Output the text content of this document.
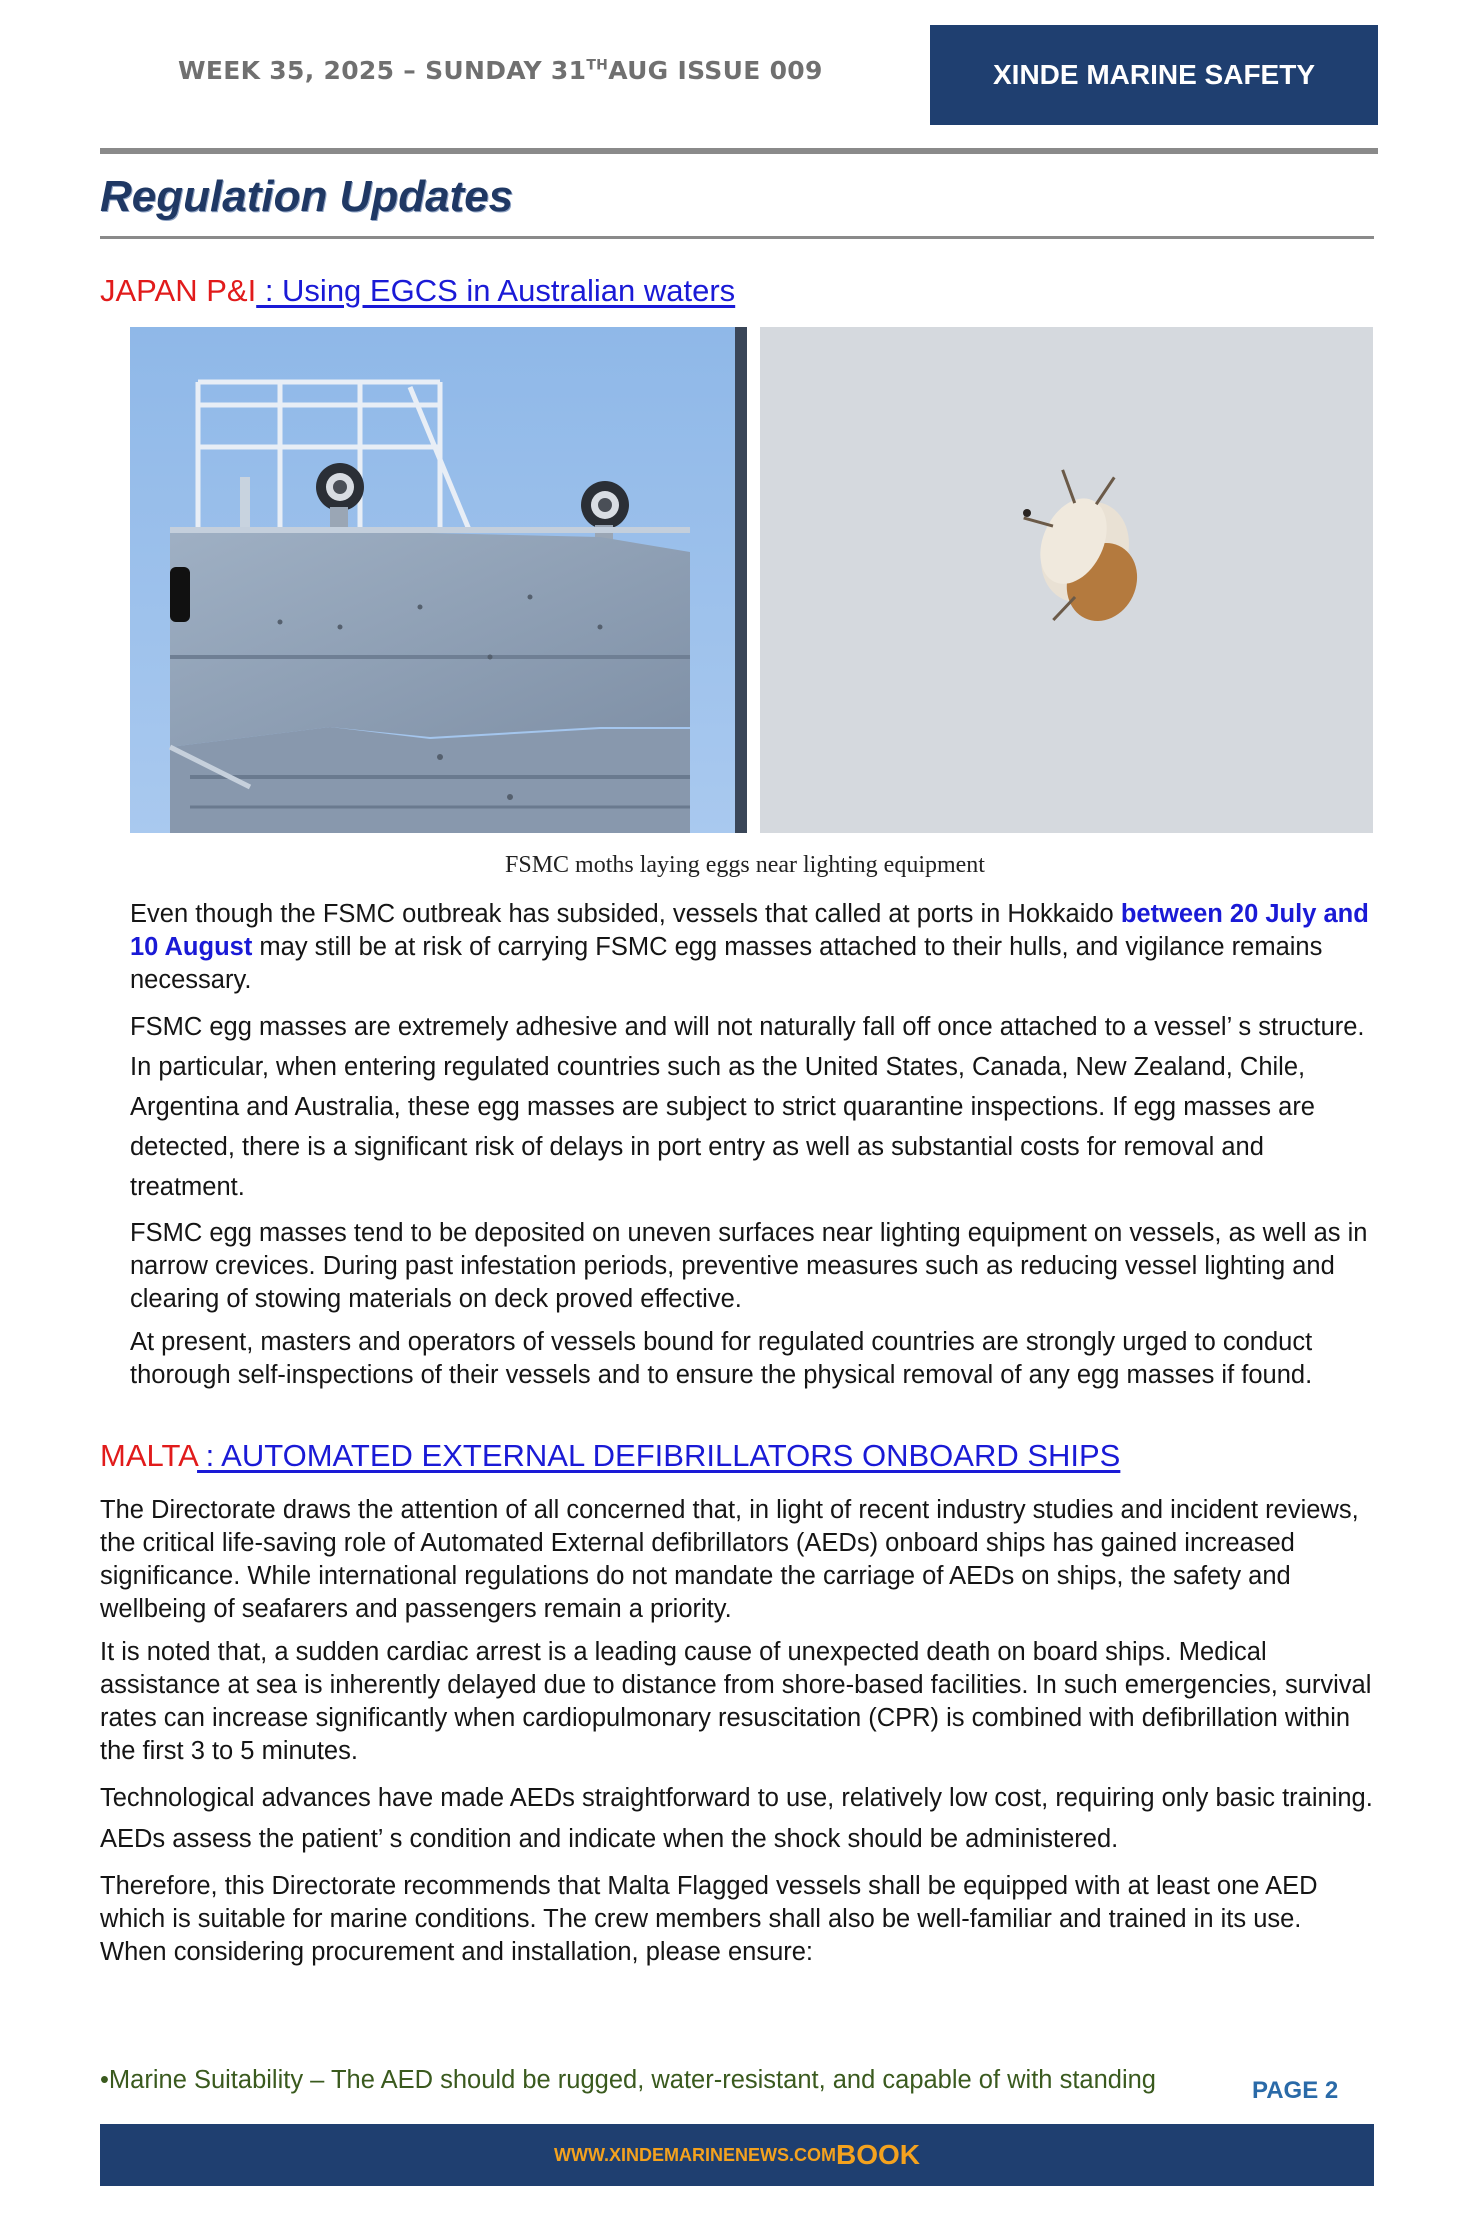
WEEK 35, 2025 – SUNDAY 31THAUG ISSUE 009	XINDE MARINE SAFETY
Regulation Updates
JAPAN P&I : Using EGCS in Australian waters
FSMC moths laying eggs near lighting equipment

Even though the FSMC outbreak has subsided, vessels that called at ports in Hokkaido between 20 July and 10 August may still be at risk of carrying FSMC egg masses attached to their hulls, and vigilance remains necessary.

FSMC egg masses are extremely adhesive and will not naturally fall off once attached to a vessel’ s structure. In particular, when entering regulated countries such as the United States, Canada, New Zealand, Chile, Argentina and Australia, these egg masses are subject to strict quarantine inspections. If egg masses are detected, there is a significant risk of delays in port entry as well as substantial costs for removal and treatment.

FSMC egg masses tend to be deposited on uneven surfaces near lighting equipment on vessels, as well as in narrow crevices. During past infestation periods, preventive measures such as reducing vessel lighting and clearing of stowing materials on deck proved effective.

At present, masters and operators of vessels bound for regulated countries are strongly urged to conduct thorough self-inspections of their vessels and to ensure the physical removal of any egg masses if found.

MALTA : AUTOMATED EXTERNAL DEFIBRILLATORS ONBOARD SHIPS

The Directorate draws the attention of all concerned that, in light of recent industry studies and incident reviews, the critical life-saving role of Automated External defibrillators (AEDs) onboard ships has gained increased significance. While international regulations do not mandate the carriage of AEDs on ships, the safety and wellbeing of seafarers and passengers remain a priority.

It is noted that, a sudden cardiac arrest is a leading cause of unexpected death on board ships. Medical assistance at sea is inherently delayed due to distance from shore-based facilities. In such emergencies, survival rates can increase significantly when cardiopulmonary resuscitation (CPR) is combined with defibrillation within the first 3 to 5 minutes.

Technological advances have made AEDs straightforward to use, relatively low cost, requiring only basic training. AEDs assess the patient’ s condition and indicate when the shock should be administered.

Therefore, this Directorate recommends that Malta Flagged vessels shall be equipped with at least one AED which is suitable for marine conditions. The crew members shall also be well-familiar and trained in its use. When considering procurement and installation, please ensure:

•Marine Suitability – The AED should be rugged, water-resistant, and capable of with standing	PAGE 2
WWW.XINDEMARINENEWS.COM BOOK
